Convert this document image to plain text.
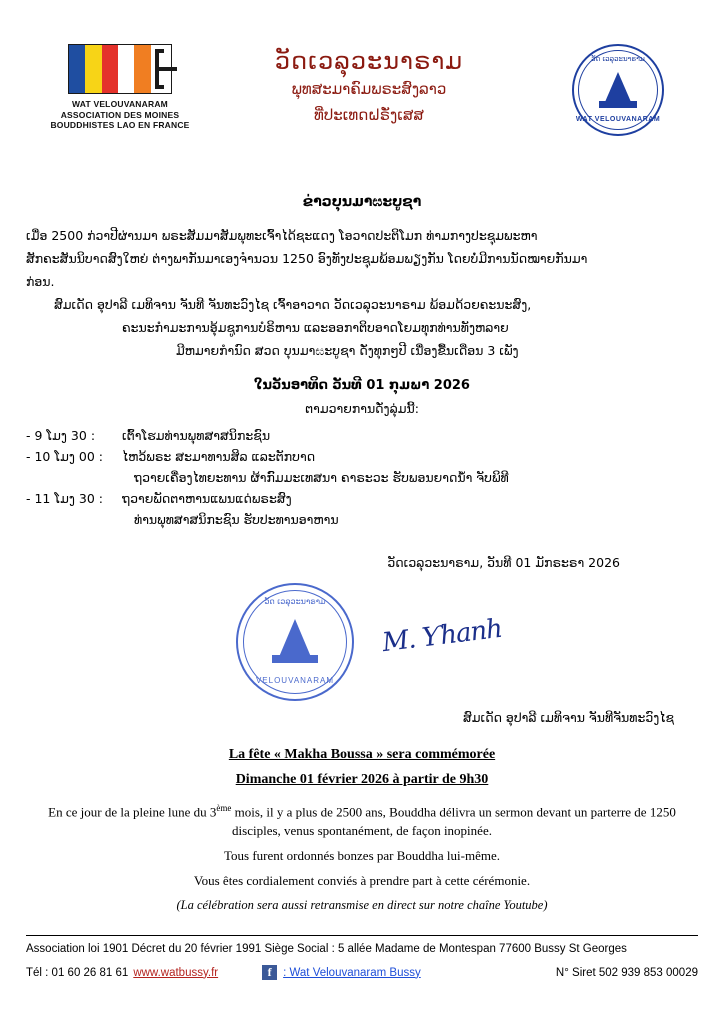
WAT VELOUVANARAM
ASSOCIATION DES MOINES
BOUDDHISTES LAO EN FRANCE
ວັດເວລຸວະນາຣາມ
ພຸທສະມາຄົມພຣະສົງລາວ
ທີ່ປະເທດຝຣັ່ງເສສ
ວັດ ເວລຸວະນາຣາມ
WAT VELOUVANARAM
ຂ່າວບຸນມາඝະບູຊາ
ເມື່ອ 2500 ກ່ວາປີຜ່ານມາ ພຣະສັມມາສັມພຸທະເຈົ້າໄດ້ຊະແດງ ໂອວາດປະຕິໂມກ ທ່າມກາງປະຊຸມພະຫາ
ສັກຄະສັນນິບາດສົງໃຫຍ່ ຕ່າງພາກັນມາເອງຈໍານວນ 1250 ອົງທັງປະຊຸມພ້ອມພຽງກັນ ໂດຍບໍ່ມີການນັດໝາຍກັນມາ
ກ່ອນ.
ສົມເດັດ ອຸປາລີ ເມທິຈານ ຈັນທີ ຈັນທະວົງໄຊ ເຈົ້າອາວາດ ວັດເວລຸວະນາຣາມ ພ້ອມດ້ວຍຄະນະສົງ,
ຄະນະກໍາມະການອຸ້ມຊູການບໍຣິຫານ ແລະອອກາຕິບອາດໂຍມທຸກທ່ານທັງຫລາຍ
ມີຫມາຍກໍານົດ ສວດ ບຸນມາඝະບູຊາ ດັ່ງທຸກໆປີ ເນື່ອງຂື້ນເດືອນ 3 ເພັງ
ໃນວັນອາທິດ ວັນທີ 01 ກຸມພາ 2026
ຕາມວາຍການດັ່ງລຸ່ມນີ້:
- 9 ໂມງ 30 :	ເຕົ້າໂຮມທ່ານພຸທສາສນິກະຊົນ
- 10 ໂມງ 00 :	ໄຫວ້ພຣະ ສະມາທານສິລ ແລະຕັກບາດ
ຖວາຍເຄື່ອງໄທຍະທານ ຜ້າກົົມມະເທສນາ ຄາຣະວະ ຮັບພອນຍາດນ້ໍາ ຈັບພິທີ
- 11 ໂມງ 30 :	ຖວາຍພັດຕາຫານແພນແດ່ພຣະສົງ
ທ່ານພຸທສາສນິກະຊົນ ຮັບປະທານອາຫານ
ວັດເວລຸວະນາຣາມ, ວັນທີ 01 ມັກຣະຣາ 2026
ວັດ ເວລຸວະນາຣາມ
VELOUVANARAM
M. Ƴhanh
ສົມເດັດ ອຸປາລີ ເມທິຈານ ຈັນທີຈັນທະວົງໄຊ
La fête « Makha Boussa » sera commémorée
Dimanche 01 février 2026 à partir de 9h30
En ce jour de la pleine lune du 3ème mois, il y a plus de 2500 ans, Bouddha délivra un sermon devant un parterre de 1250 disciples, venus spontanément, de façon inopinée.
Tous furent ordonnés bonzes par Bouddha lui-même.
Vous êtes cordialement conviés à prendre part à cette cérémonie.
(La célébration sera aussi retransmise en direct sur notre chaîne Youtube)
Association loi 1901 Décret du 20 février 1991 Siège Social : 5 allée Madame de Montespan 77600 Bussy St Georges
Tél : 01 60 26 81 61 www.watbussy.fr	f	: Wat Velouvanaram Bussy	N° Siret 502 939 853 00029
